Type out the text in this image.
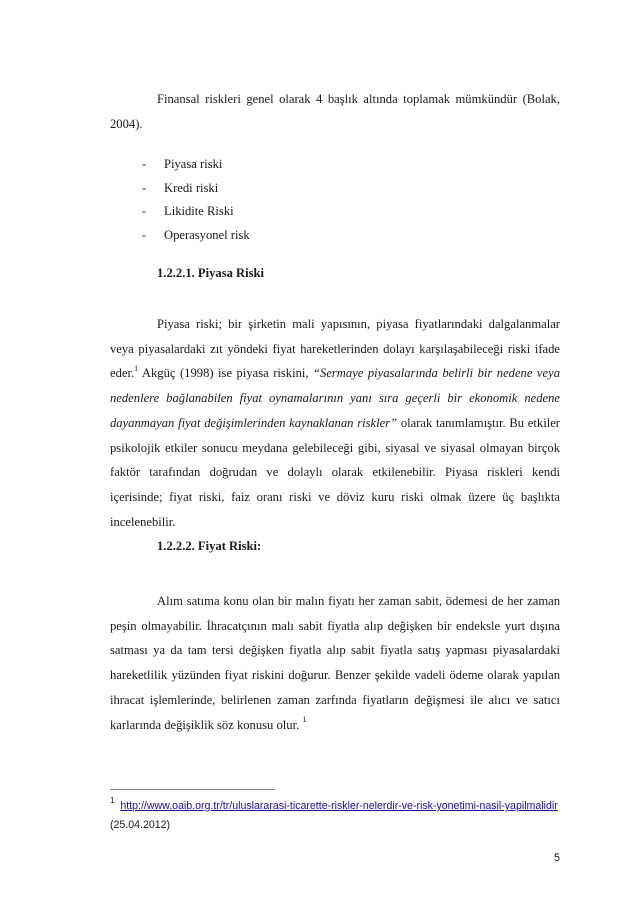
Finansal riskleri genel olarak 4 başlık altında toplamak mümkündür (Bolak, 2004).

- Piyasa riski
- Kredi riski
- Likidite Riski
- Operasyonel risk
1.2.2.1. Piyasa Riski

Piyasa riski; bir şirketin mali yapısının, piyasa fiyatlarındaki dalgalanmalar veya piyasalardaki zıt yöndeki fiyat hareketlerinden dolayı karşılaşabileceği riski ifade eder.$^1$ Akgüç (1998) ise piyasa riskini, “Sermaye piyasalarında belirli bir nedene veya nedenlere bağlanabilen fiyat oynamalarının yanı sıra geçerli bir ekonomik nedene dayanmayan fiyat değişimlerinden kaynaklanan riskler” olarak tanımlamıştır. Bu etkiler psikolojik etkiler sonucu meydana gelebileceği gibi, siyasal ve siyasal olmayan birçok faktör tarafından doğrudan ve dolaylı olarak etkilenebilir. Piyasa riskleri kendi içerisinde; fiyat riski, faiz oranı riski ve döviz kuru riski olmak üzere üç başlıkta incelenebilir.

1.2.2.2. Fiyat Riski:

Alım satıma konu olan bir malın fiyatı her zaman sabit, ödemesi de her zaman peşin olmayabilir. İhracatçının malı sabit fiyatla alıp değişken bir endeksle yurt dışına satması ya da tam tersi değişken fiyatla alıp sabit fiyatla satış yapması piyasalardaki hareketlilik yüzünden fiyat riskini doğurur. Benzer şekilde vadeli ödeme olarak yapılan ihracat işlemlerinde, belirlenen zaman zarfında fiyatların değişmesi ile alıcı ve satıcı karlarında değişiklik söz konusu olur. $^1$

$^1$ http://www.oaib.org.tr/tr/uluslararasi-ticarette-riskler-nelerdir-ve-risk-yonetimi-nasil-yapilmalidir (25.04.2012)
5
